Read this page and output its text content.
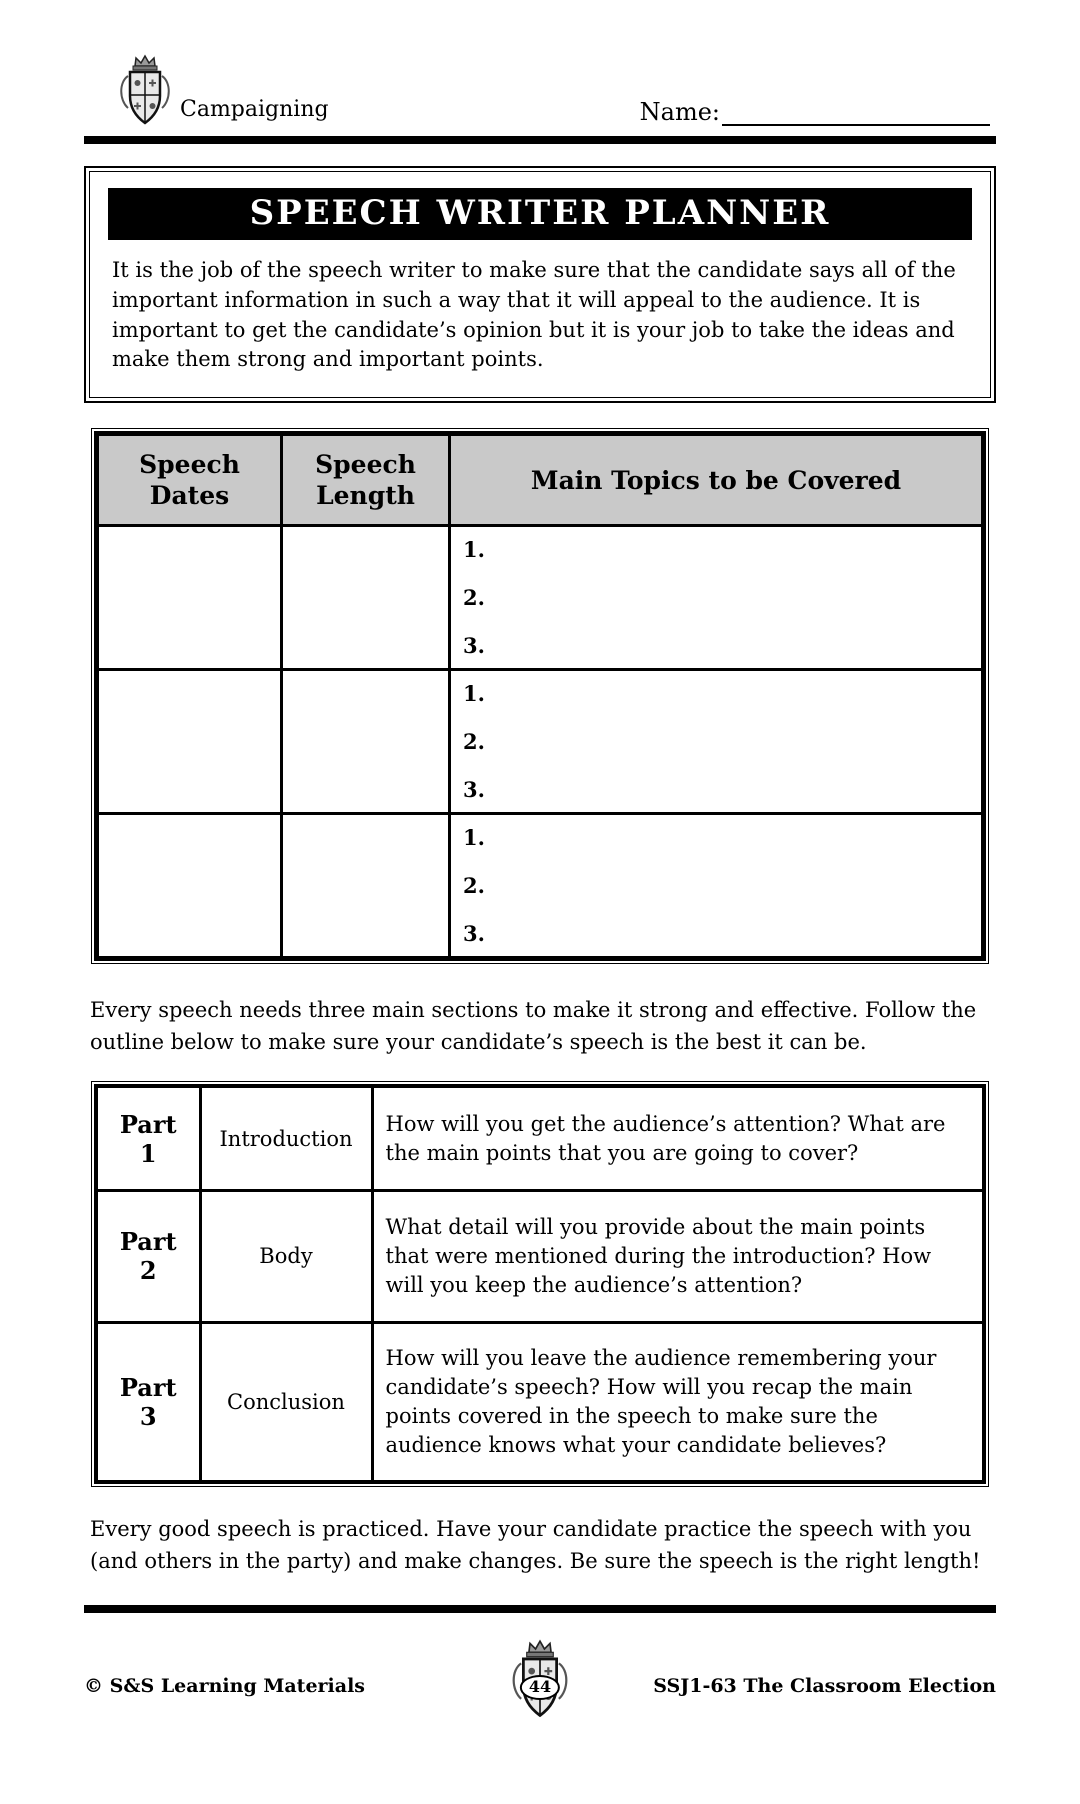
Campaigning	Name:
SPEECH WRITER PLANNER

It is the job of the speech writer to make sure that the candidate says all of the important information in such a way that it will appeal to the audience. It is important to get the candidate’s opinion but it is your job to take the ideas and make them strong and important points.

Speech Dates	Speech Length	Main Topics to be Covered

		1.
2.
3.

		1.
2.
3.

		1.
2.
3.

Every speech needs three main sections to make it strong and effective. Follow the outline below to make sure your candidate’s speech is the best it can be.

Part 1	Introduction	How will you get the audience’s attention? What are the main points that you are going to cover?
Part 2	Body	What detail will you provide about the main points that were mentioned during the introduction? How will you keep the audience’s attention?
Part 3	Conclusion	How will you leave the audience remembering your candidate’s speech? How will you recap the main points covered in the speech to make sure the audience knows what your candidate believes?

Every good speech is practiced. Have your candidate practice the speech with you (and others in the party) and make changes. Be sure the speech is the right length!

© S&S Learning Materials	44	SSJ1-63 The Classroom Election
